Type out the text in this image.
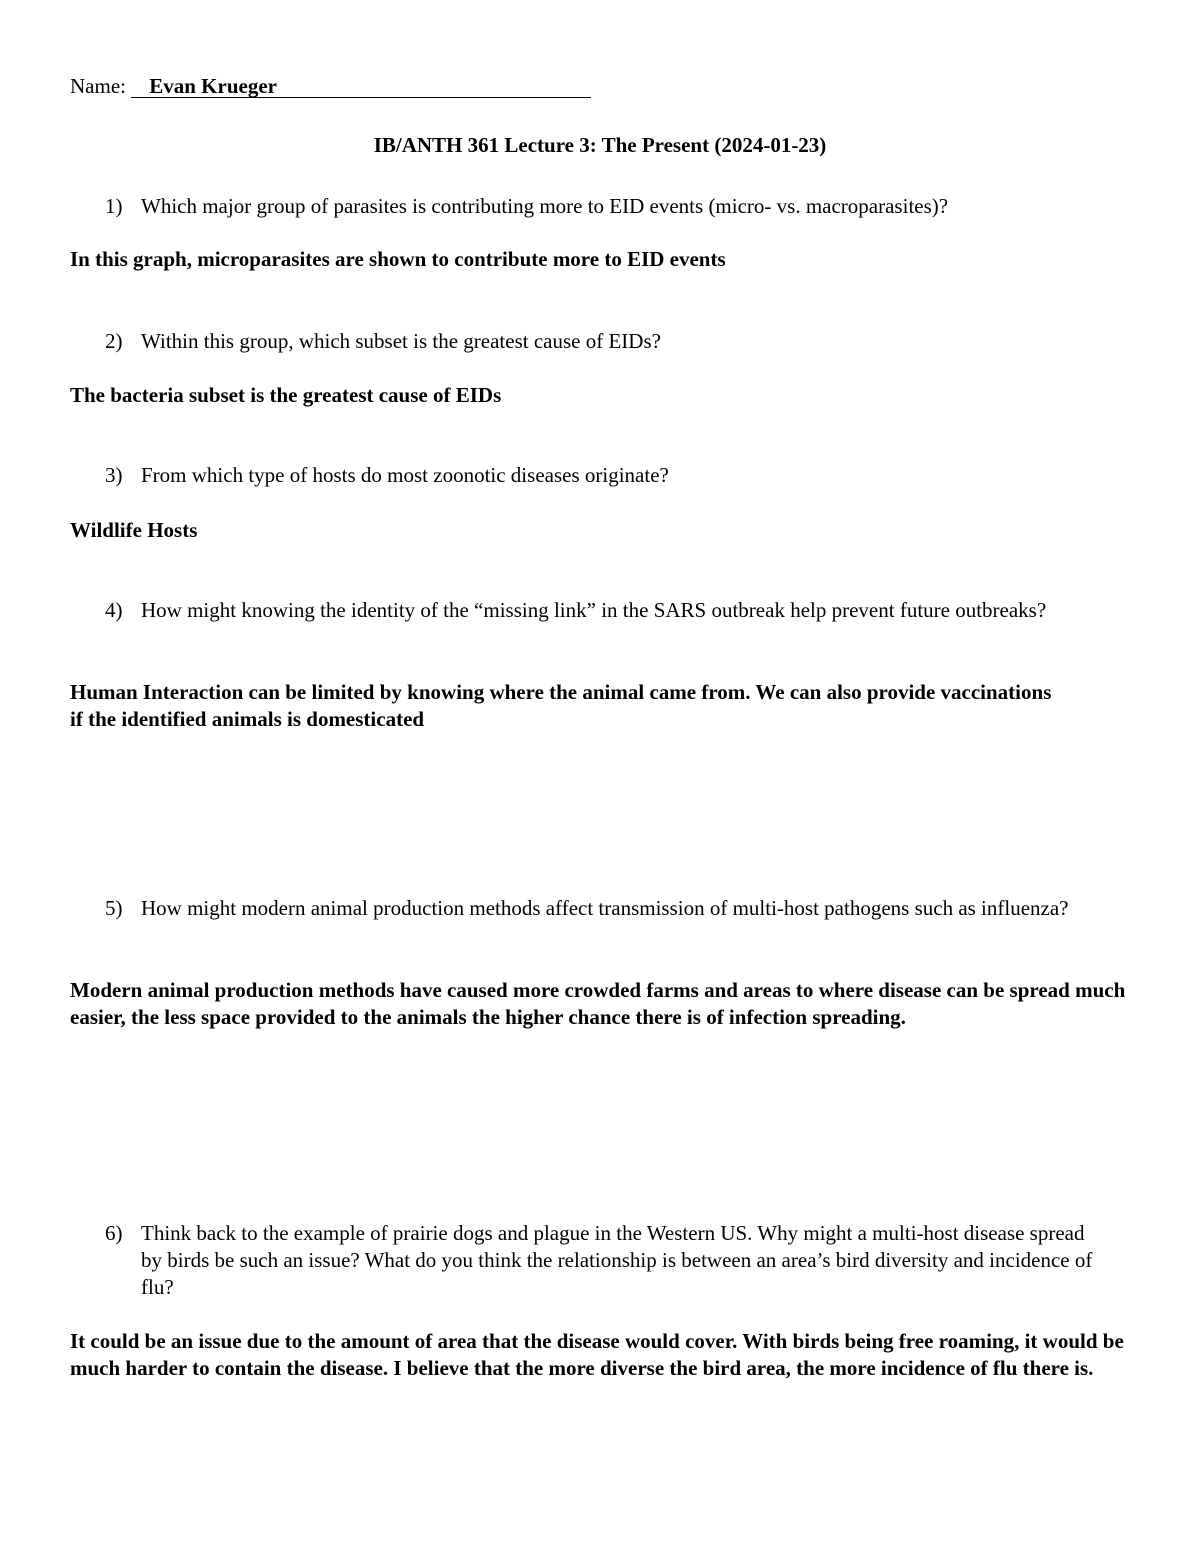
Name: Evan Krueger
IB/ANTH 361 Lecture 3: The Present (2024-01-23)
1) Which major group of parasites is contributing more to EID events (micro- vs. macroparasites)?
In this graph, microparasites are shown to contribute more to EID events
2) Within this group, which subset is the greatest cause of EIDs?
The bacteria subset is the greatest cause of EIDs
3) From which type of hosts do most zoonotic diseases originate?
Wildlife Hosts
4) How might knowing the identity of the “missing link” in the SARS outbreak help prevent future outbreaks?
Human Interaction can be limited by knowing where the animal came from. We can also provide vaccinations if the identified animals is domesticated
5) How might modern animal production methods affect transmission of multi-host pathogens such as influenza?
Modern animal production methods have caused more crowded farms and areas to where disease can be spread much easier, the less space provided to the animals the higher chance there is of infection spreading.
6) Think back to the example of prairie dogs and plague in the Western US. Why might a multi-host disease spread by birds be such an issue? What do you think the relationship is between an area’s bird diversity and incidence of flu?
It could be an issue due to the amount of area that the disease would cover. With birds being free roaming, it would be much harder to contain the disease. I believe that the more diverse the bird area, the more incidence of flu there is.
